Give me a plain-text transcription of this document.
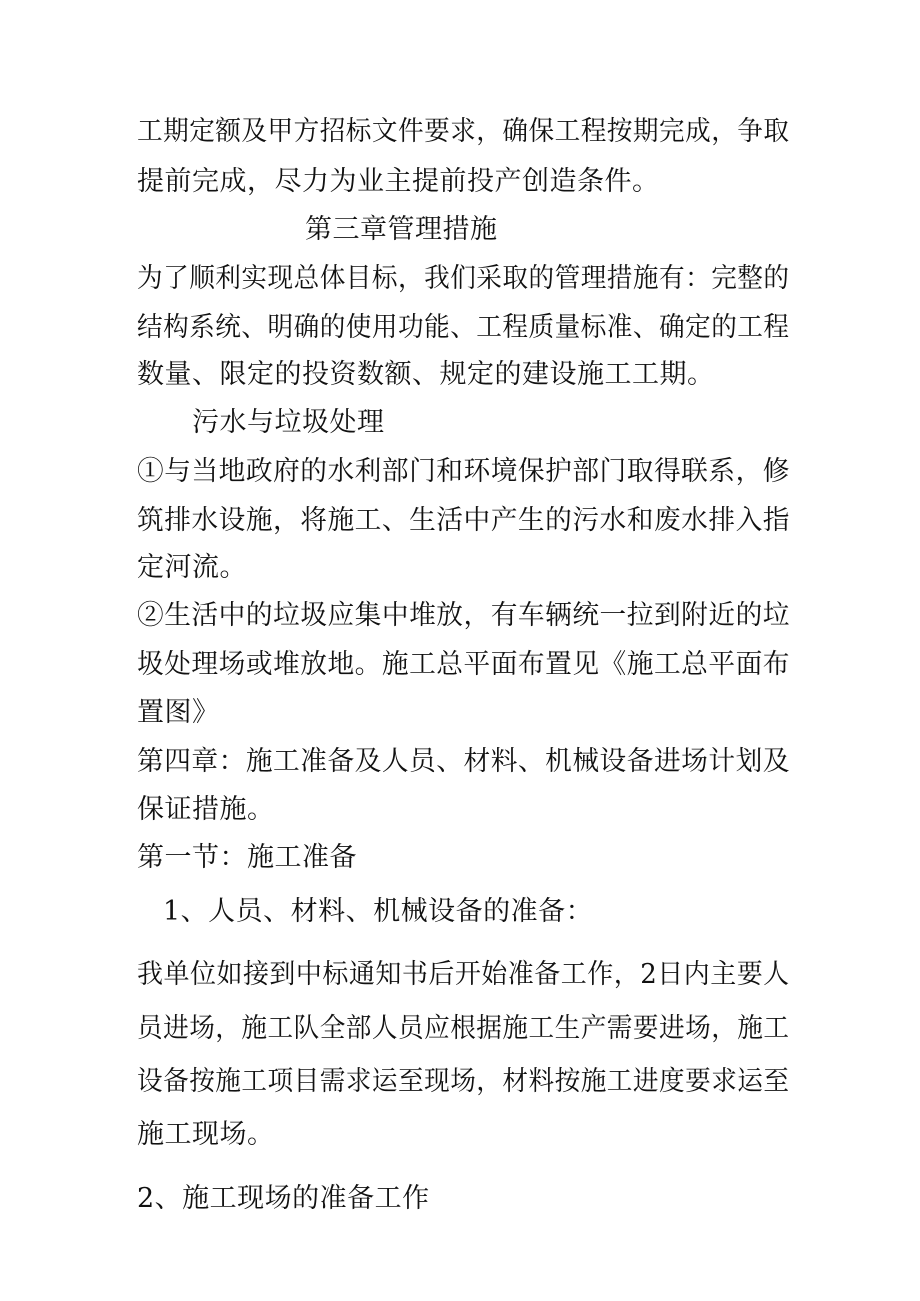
工期定额及甲方招标文件要求，确保工程按期完成，争取
提前完成，尽力为业主提前投产创造条件。
第三章管理措施
为了顺利实现总体目标，我们采取的管理措施有：完整的
结构系统、明确的使用功能、工程质量标准、确定的工程
数量、限定的投资数额、规定的建设施工工期。
污水与垃圾处理
①与当地政府的水利部门和环境保护部门取得联系，修
筑排水设施，将施工、生活中产生的污水和废水排入指
定河流。
②生活中的垃圾应集中堆放，有车辆统一拉到附近的垃
圾处理场或堆放地。施工总平面布置见《施工总平面布
置图》
第四章：施工准备及人员、材料、机械设备进场计划及
保证措施。
第一节：施工准备
1、人员、材料、机械设备的准备：
我单位如接到中标通知书后开始准备工作，2日内主要人
员进场，施工队全部人员应根据施工生产需要进场，施工
设备按施工项目需求运至现场，材料按施工进度要求运至
施工现场。
2、施工现场的准备工作
